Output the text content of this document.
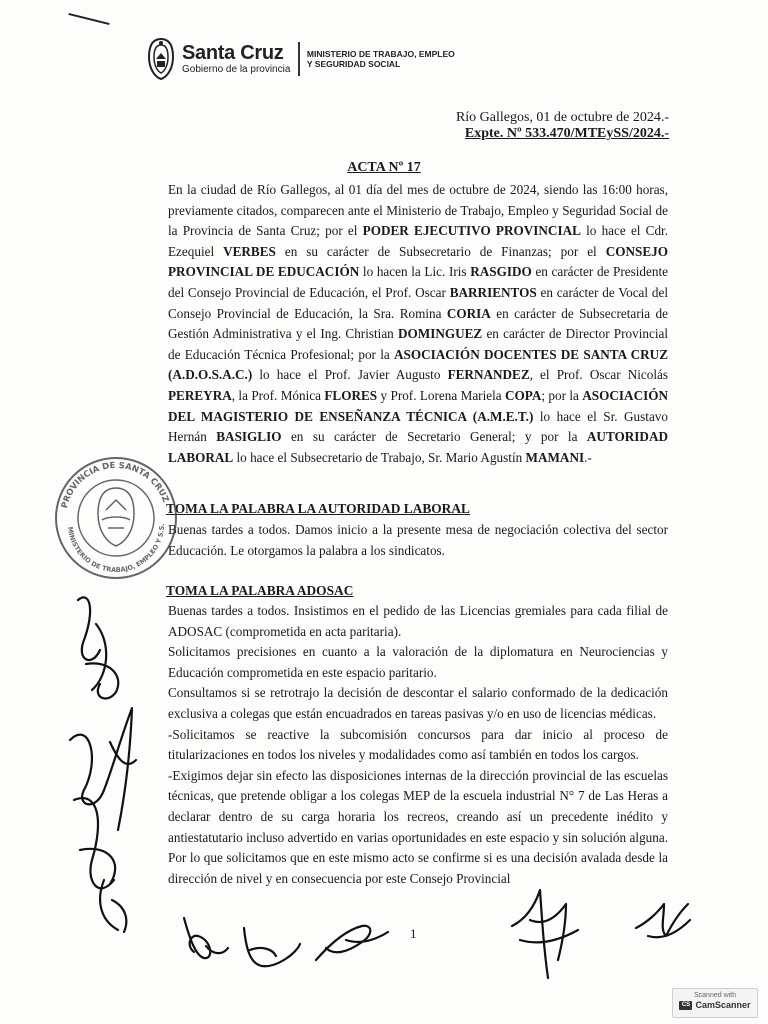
Santa Cruz
Gobierno de la provincia
MINISTERIO DE TRABAJO, EMPLEO
Y SEGURIDAD SOCIAL
Río Gallegos, 01 de octubre de 2024.-
Expte. Nº 533.470/MTEySS/2024.-
ACTA Nº 17

En la ciudad de Río Gallegos, al 01 día del mes de octubre de 2024, siendo las 16:00 horas, previamente citados, comparecen ante el Ministerio de Trabajo, Empleo y Seguridad Social de la Provincia de Santa Cruz; por el PODER EJECUTIVO PROVINCIAL lo hace el Cdr. Ezequiel VERBES en su carácter de Subsecretario de Finanzas; por el CONSEJO PROVINCIAL DE EDUCACIÓN lo hacen la Lic. Iris RASGIDO en carácter de Presidente del Consejo Provincial de Educación, el Prof. Oscar BARRIENTOS en carácter de Vocal del Consejo Provincial de Educación, la Sra. Romina CORIA en carácter de Subsecretaria de Gestión Administrativa y el Ing. Christian DOMINGUEZ en carácter de Director Provincial de Educación Técnica Profesional; por la ASOCIACIÓN DOCENTES DE SANTA CRUZ (A.D.O.S.A.C.) lo hace el Prof. Javier Augusto FERNANDEZ, el Prof. Oscar Nicolás PEREYRA, la Prof. Mónica FLORES y Prof. Lorena Mariela COPA; por la ASOCIACIÓN DEL MAGISTERIO DE ENSEÑANZA TÉCNICA (A.M.E.T.) lo hace el Sr. Gustavo Hernán BASIGLIO en su carácter de Secretario General; y por la AUTORIDAD LABORAL lo hace el Subsecretario de Trabajo, Sr. Mario Agustín MAMANI.-

TOMA LA PALABRA LA AUTORIDAD LABORAL

Buenas tardes a todos. Damos inicio a la presente mesa de negociación colectiva del sector Educación. Le otorgamos la palabra a los sindicatos.

TOMA LA PALABRA ADOSAC

Buenas tardes a todos. Insistimos en el pedido de las Licencias gremiales para cada filial de ADOSAC (comprometida en acta paritaria).

Solicitamos precisiones en cuanto a la valoración de la diplomatura en Neurociencias y Educación comprometida en este espacio paritario.

Consultamos si se retrotrajo la decisión de descontar el salario conformado de la dedicación exclusiva a colegas que están encuadrados en tareas pasivas y/o en uso de licencias médicas.

-Solicitamos se reactive la subcomisión concursos para dar inicio al proceso de titularizaciones en todos los niveles y modalidades como así también en todos los cargos.

-Exigimos dejar sin efecto las disposiciones internas de la dirección provincial de las escuelas técnicas, que pretende obligar a los colegas MEP de la escuela industrial N° 7 de Las Heras a declarar dentro de su carga horaria los recreos, creando así un precedente inédito y antiestatutario incluso advertido en varias oportunidades en este espacio y sin solución alguna. Por lo que solicitamos que en este mismo acto se confirme si es una decisión avalada desde la dirección de nivel y en consecuencia por este Consejo Provincial

1
PROVINCIA DE SANTA CRUZ
MINISTERIO DE TRABAJO, EMPLEO Y S.S.
Scanned with
CS CamScanner
